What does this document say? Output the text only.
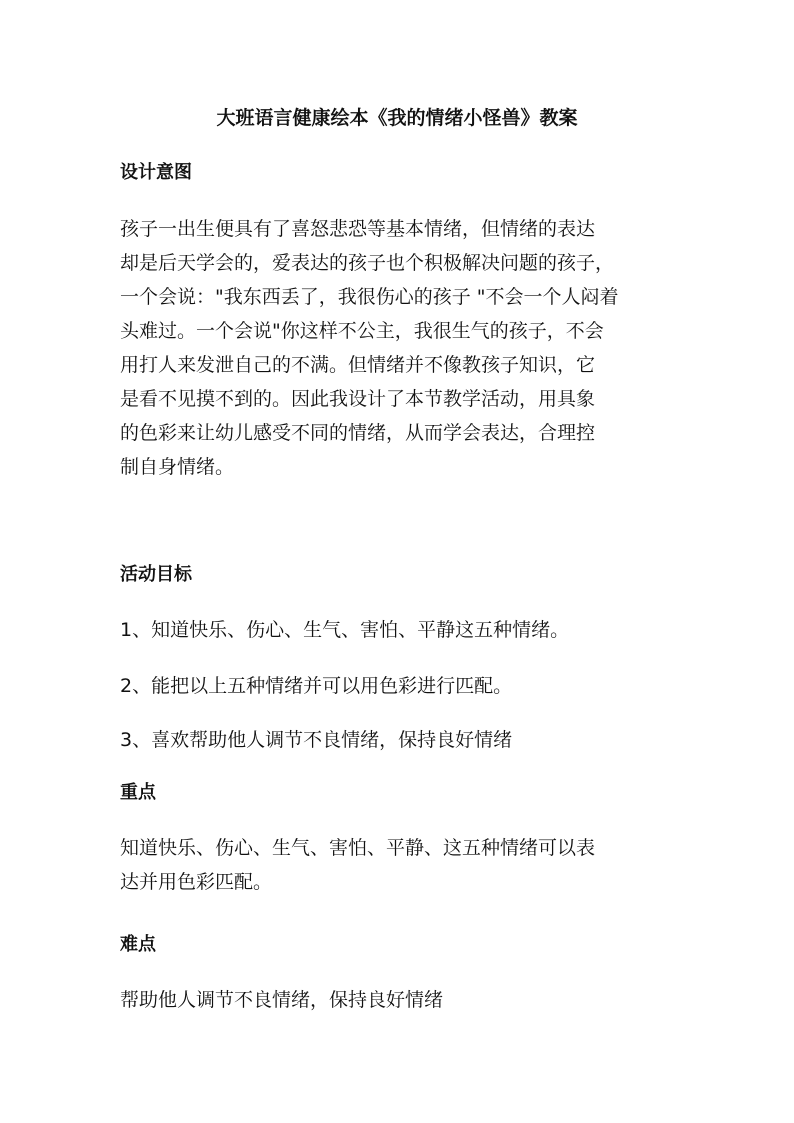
大班语言健康绘本《我的情绪小怪兽》教案
设计意图
孩子一出生便具有了喜怒悲恐等基本情绪，但情绪的表达
却是后天学会的，爱表达的孩子也个积极解决问题的孩子，
一个会说："我东西丢了，我很伤心的孩子 "不会一个人闷着
头难过。一个会说"你这样不公主，我很生气的孩子，不会
用打人来发泄自己的不满。但情绪并不像教孩子知识，它
是看不见摸不到的。因此我设计了本节教学活动，用具象
的色彩来让幼儿感受不同的情绪，从而学会表达，合理控
制自身情绪。
活动目标
1、知道快乐、伤心、生气、害怕、平静这五种情绪。
2、能把以上五种情绪并可以用色彩进行匹配。
3、喜欢帮助他人调节不良情绪，保持良好情绪
重点
知道快乐、伤心、生气、害怕、平静、这五种情绪可以表
达并用色彩匹配。
难点
帮助他人调节不良情绪，保持良好情绪
